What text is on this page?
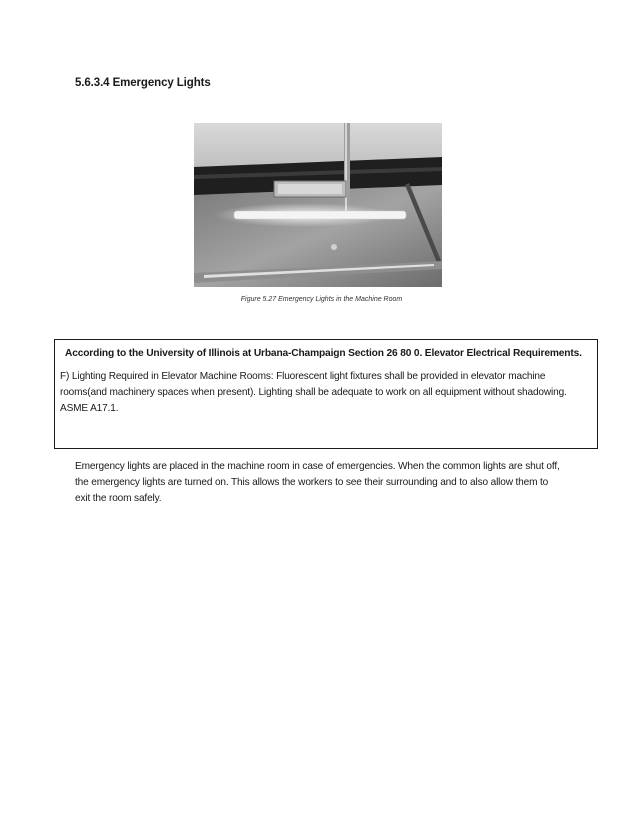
5.6.3.4 Emergency Lights
Figure 5.27 Emergency Lights in the Machine Room
According to the University of Illinois at Urbana-Champaign Section 26 80 0. Elevator Electrical Requirements.
F) Lighting Required in Elevator Machine Rooms: Fluorescent light fixtures shall be provided in elevator machine rooms(and machinery spaces when present). Lighting shall be adequate to work on all equipment without shadowing. ASME A17.1.
Emergency lights are placed in the machine room in case of emergencies. When the common lights are shut off, the emergency lights are turned on. This allows the workers to see their surrounding and to also allow them to exit the room safely.
